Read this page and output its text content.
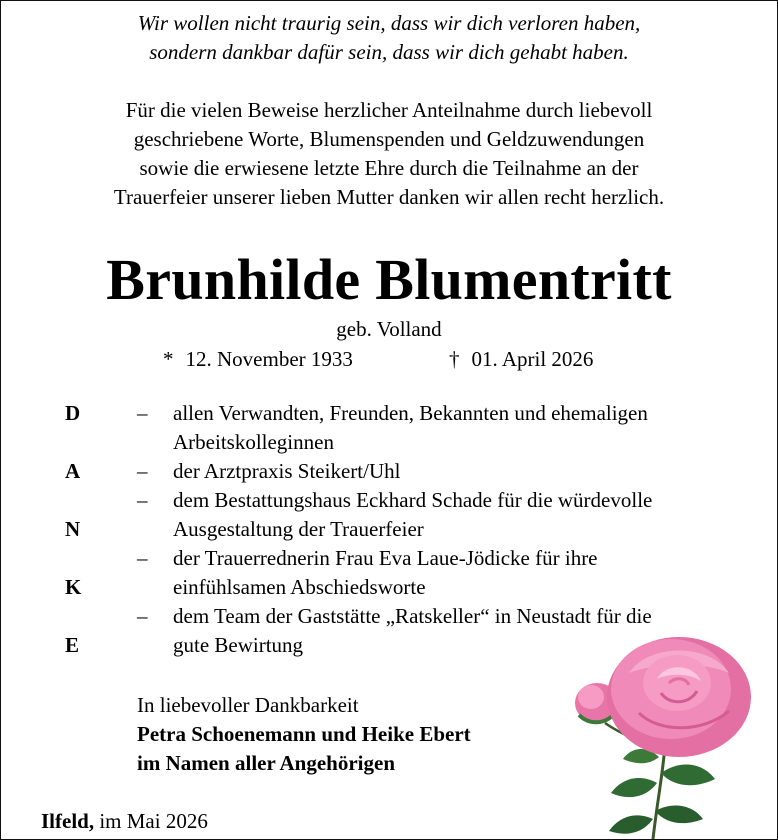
Wir wollen nicht traurig sein, dass wir dich verloren haben,
sondern dankbar dafür sein, dass wir dich gehabt haben.
Für die vielen Beweise herzlicher Anteilnahme durch liebevoll
geschriebene Worte, Blumenspenden und Geldzuwendungen
sowie die erwiesene letzte Ehre durch die Teilnahme an der
Trauerfeier unserer lieben Mutter danken wir allen recht herzlich.
Brunhilde Blumentritt
geb. Volland
* 12. November 1933	† 01. April 2026
D
A
N
K
E
–
–
–
–
–
allen Verwandten, Freunden, Bekannten und ehemaligen
Arbeitskolleginnen
der Arztpraxis Steikert/Uhl
dem Bestattungshaus Eckhard Schade für die würdevolle
Ausgestaltung der Trauerfeier
der Trauerrednerin Frau Eva Laue-Jödicke für ihre
einfühlsamen Abschiedsworte
dem Team der Gaststätte „Ratskeller“ in Neustadt für die
gute Bewirtung
In liebevoller Dankbarkeit
Petra Schoenemann und Heike Ebert
im Namen aller Angehörigen
Ilfeld, im Mai 2026
